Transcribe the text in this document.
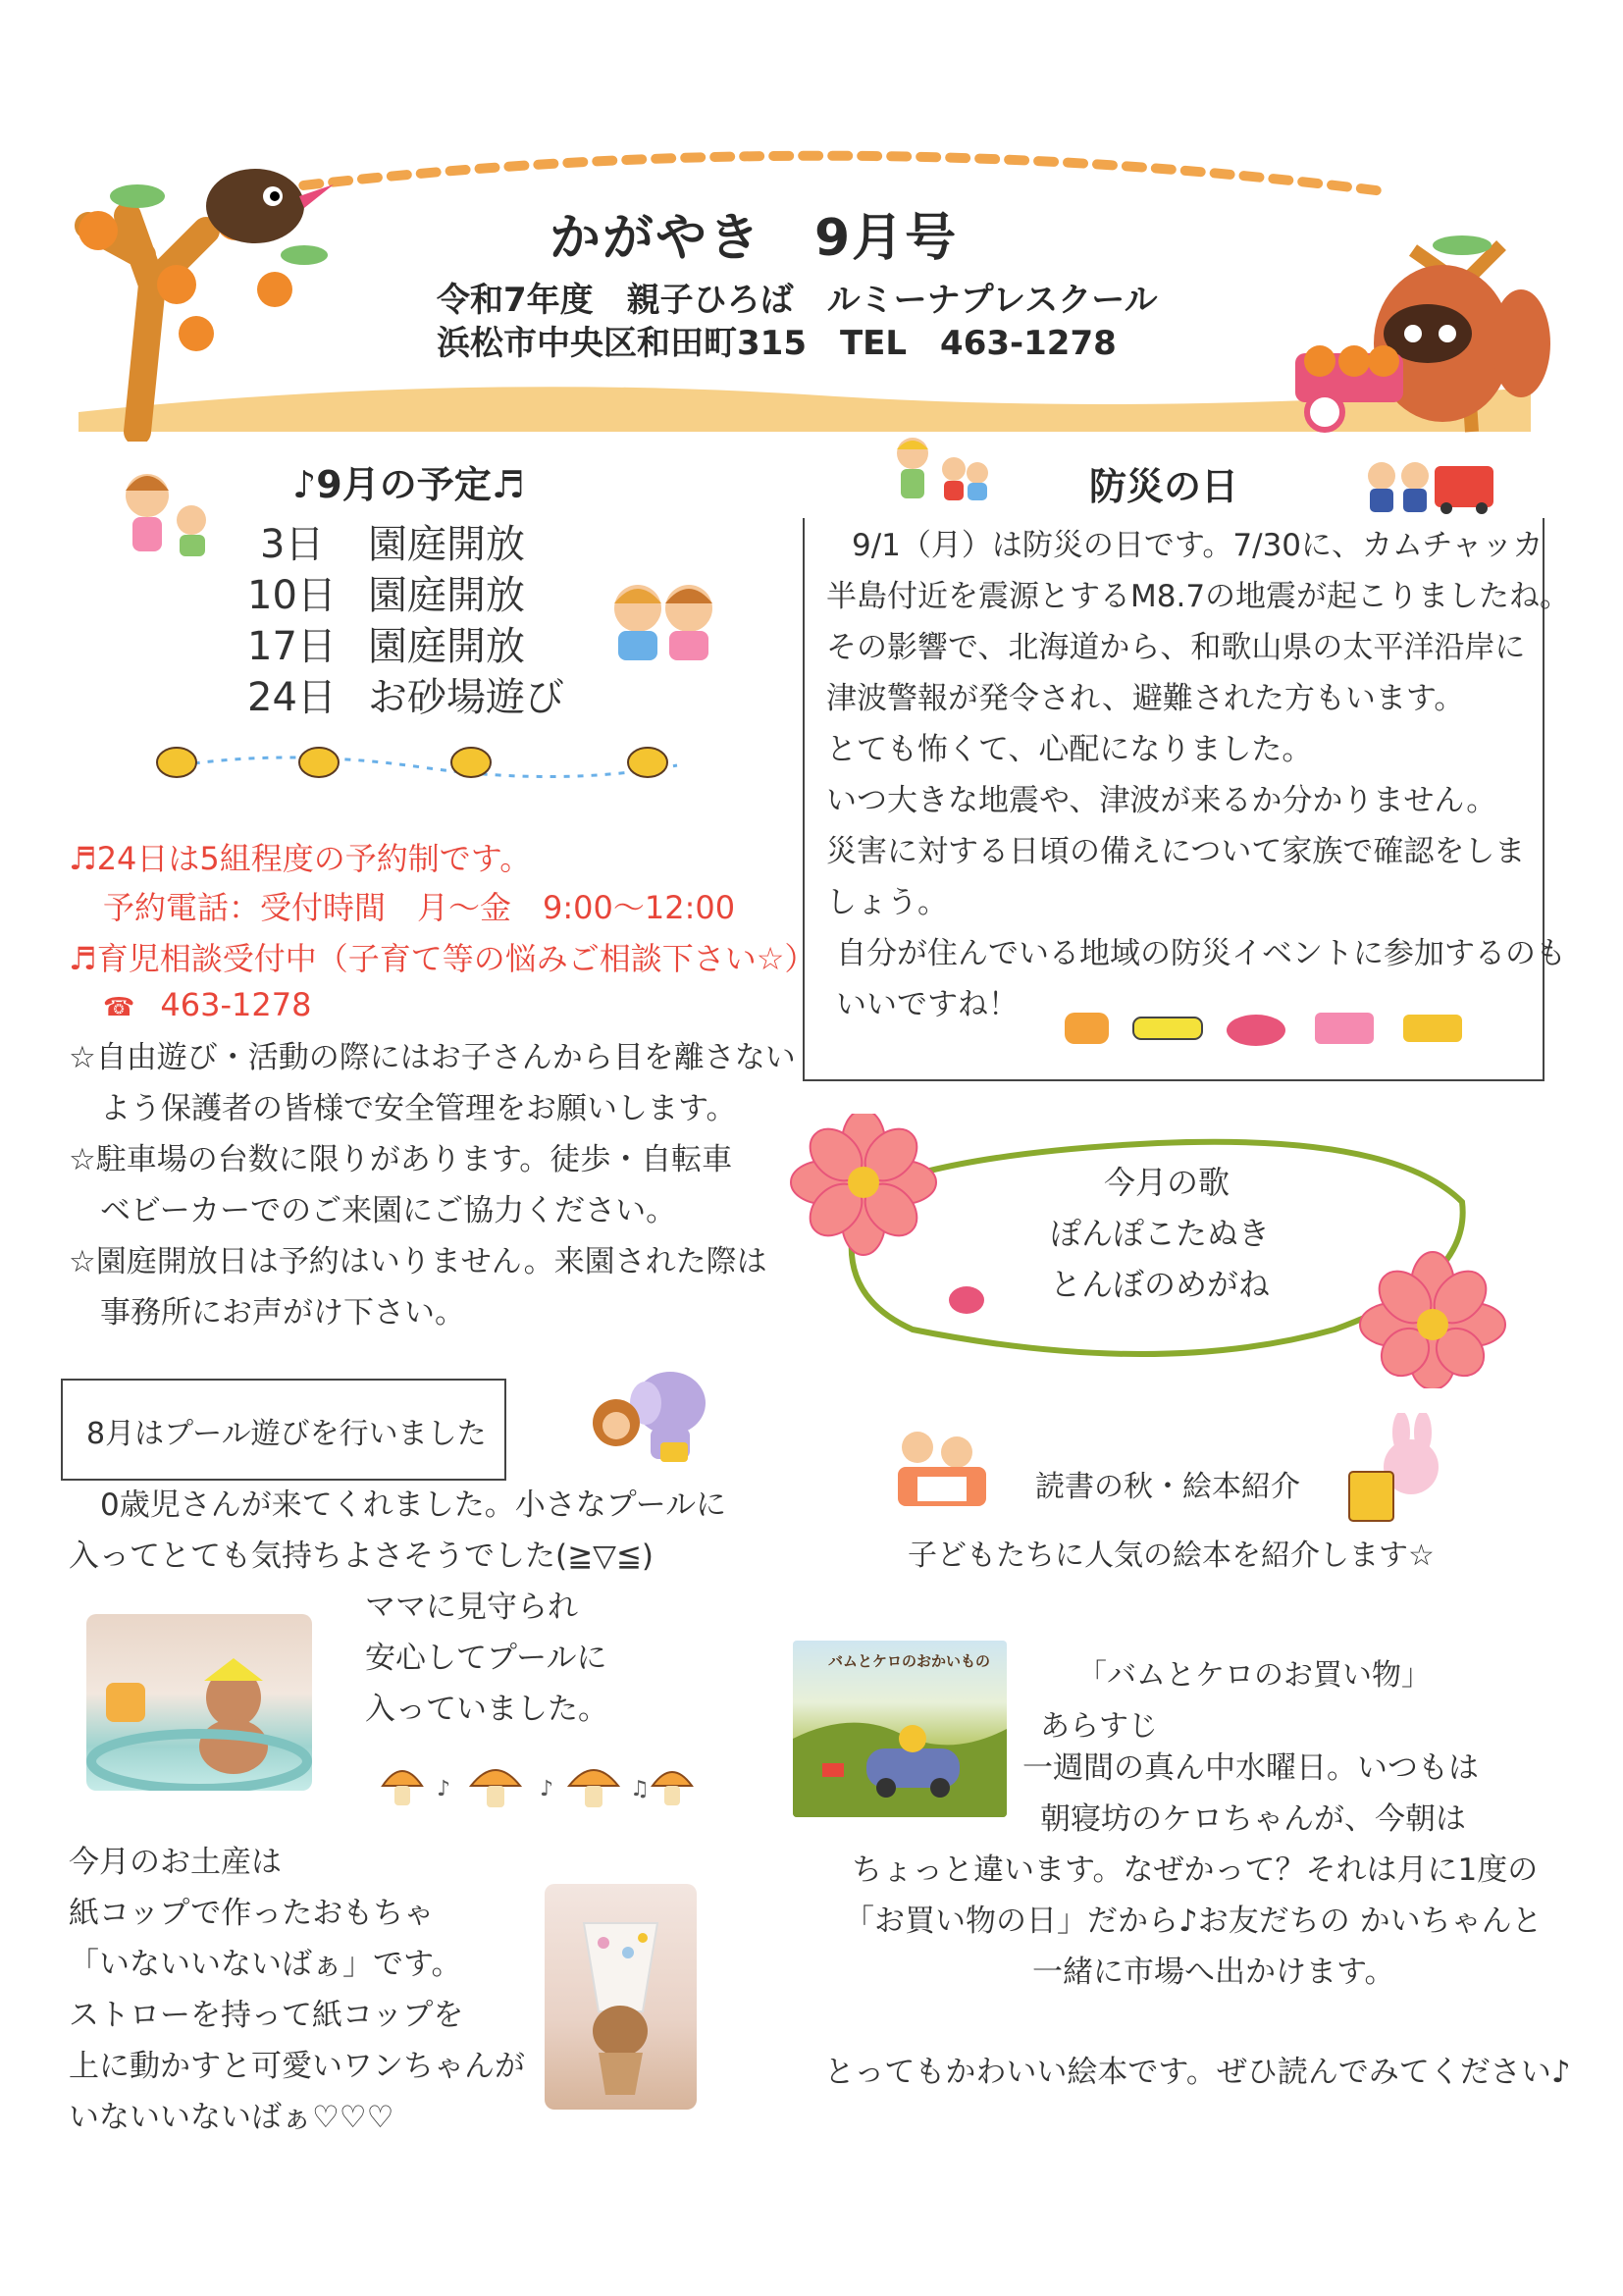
かがやき　9月号
令和7年度　親子ひろば　ルミーナプレスクール
浜松市中央区和田町315　TEL　463-1278
♪9月の予定♬
3日 園庭開放
10日 園庭開放
17日 園庭開放
24日 お砂場遊び
♬24日は5組程度の予約制です。
予約電話：受付時間　月～金　9:00～12:00
♬育児相談受付中（子育て等の悩みご相談下さい☆）
☎ 463-1278
☆自由遊び・活動の際にはお子さんから目を離さない
よう保護者の皆様で安全管理をお願いします。
☆駐車場の台数に限りがあります。徒歩・自転車
ベビーカーでのご来園にご協力ください。
☆園庭開放日は予約はいりません。来園された際は
事務所にお声がけ下さい。
防災の日
9/1（月）は防災の日です。7/30に、カムチャッカ
半島付近を震源とするM8.7の地震が起こりましたね。
その影響で、北海道から、和歌山県の太平洋沿岸に
津波警報が発令され、避難された方もいます。
とても怖くて、心配になりました。
いつ大きな地震や、津波が来るか分かりません。
災害に対する日頃の備えについて家族で確認をしま
しょう。
自分が住んでいる地域の防災イベントに参加するのも
いいですね！
今月の歌
ぽんぽこたぬき
とんぼのめがね
8月はプール遊びを行いました
0歳児さんが来てくれました。小さなプールに
入ってとても気持ちよさそうでした(≧▽≦)
ママに見守られ
安心してプールに
入っていました。
♪	♪	♫
今月のお土産は
紙コップで作ったおもちゃ
「いないいないばぁ」です。
ストローを持って紙コップを
上に動かすと可愛いワンちゃんが
いないいないばぁ♡♡♡
読書の秋・絵本紹介
子どもたちに人気の絵本を紹介します☆
バムとケロのおかいもの	「バムとケロのお買い物」
あらすじ
一週間の真ん中水曜日。いつもは
朝寝坊のケロちゃんが、今朝は
ちょっと違います。なぜかって？それは月に1度の
「お買い物の日」だから♪お友だちの かいちゃんと
一緒に市場へ出かけます。
とってもかわいい絵本です。ぜひ読んでみてください♪
